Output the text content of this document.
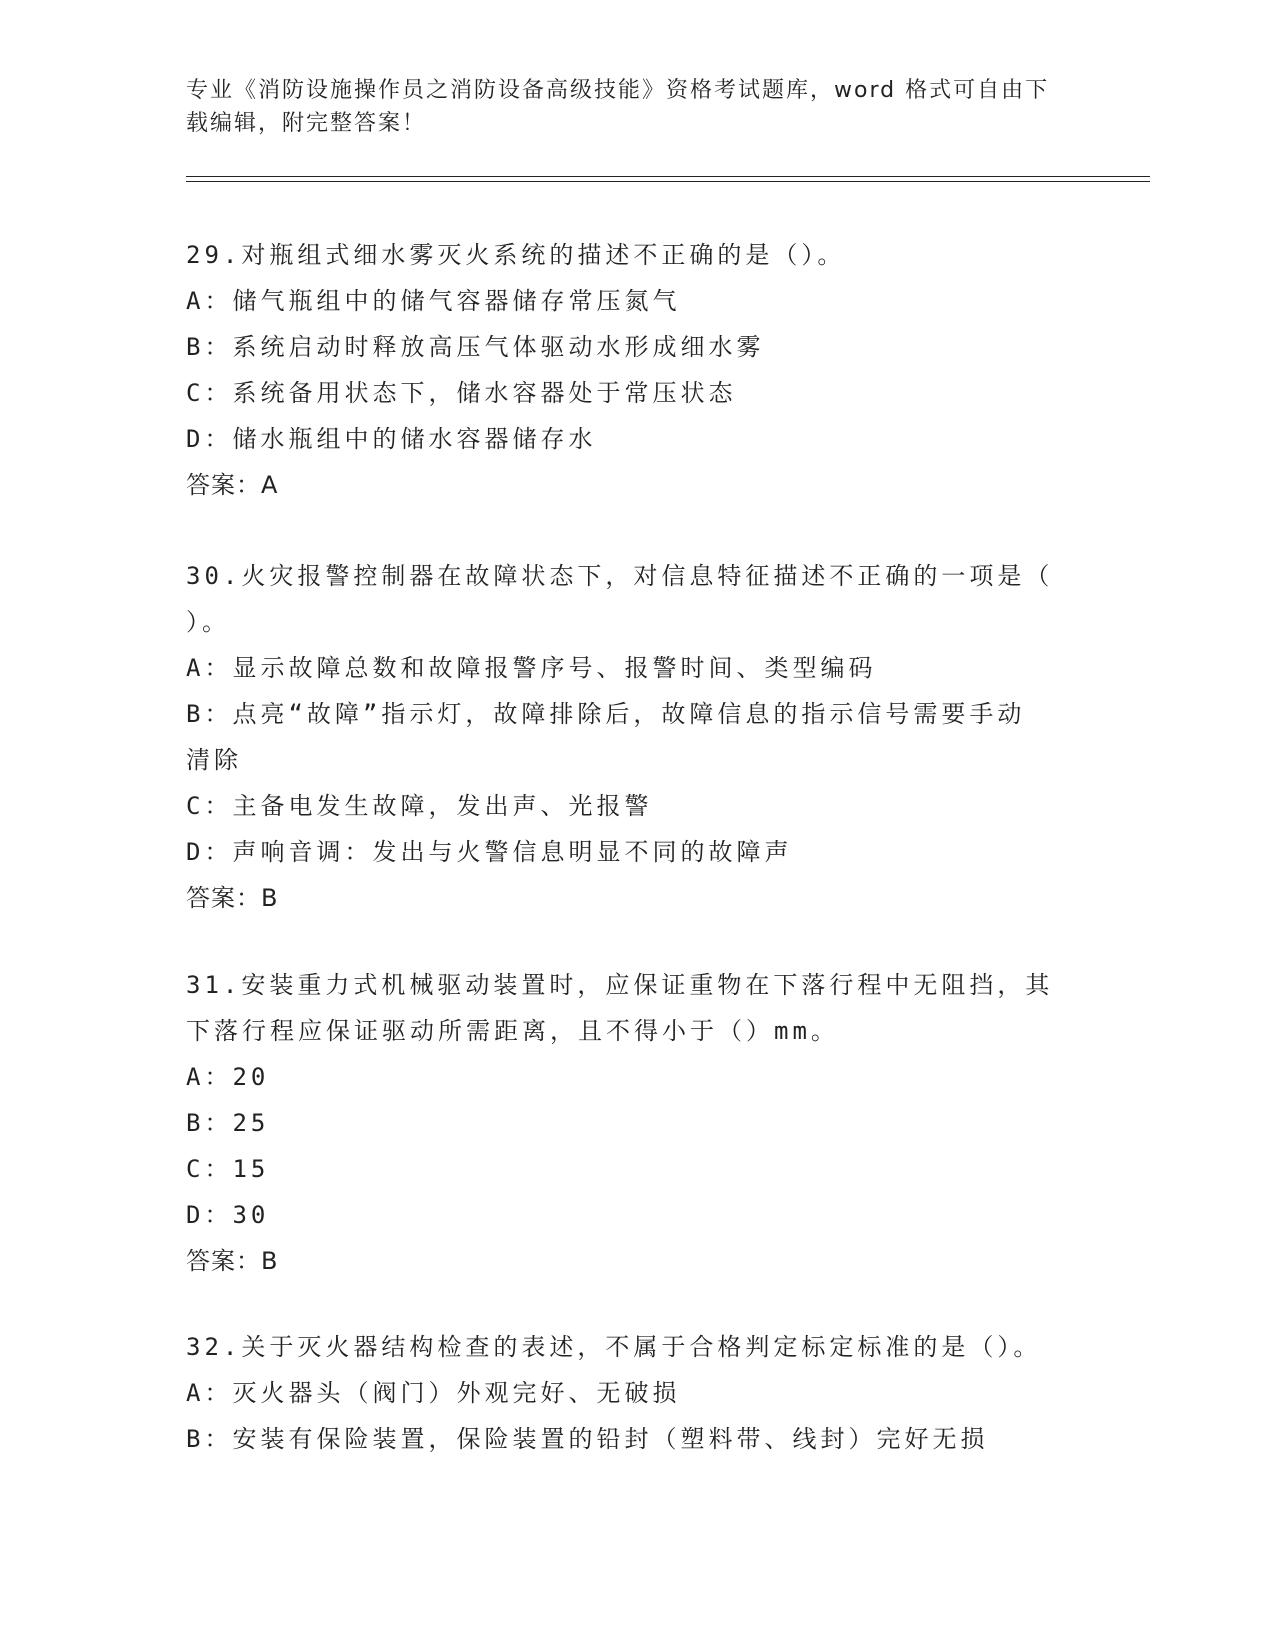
专业《消防设施操作员之消防设备高级技能》资格考试题库，word 格式可自由下
载编辑，附完整答案！
29.对瓶组式细水雾灭火系统的描述不正确的是（）。
A：储气瓶组中的储气容器储存常压氮气
B：系统启动时释放高压气体驱动水形成细水雾
C：系统备用状态下，储水容器处于常压状态
D：储水瓶组中的储水容器储存水
答案：A
30.火灾报警控制器在故障状态下，对信息特征描述不正确的一项是（
）。
A：显示故障总数和故障报警序号、报警时间、类型编码
B：点亮“故障”指示灯，故障排除后，故障信息的指示信号需要手动
清除
C：主备电发生故障，发出声、光报警
D：声响音调：发出与火警信息明显不同的故障声
答案：B
31.安装重力式机械驱动装置时，应保证重物在下落行程中无阻挡，其
下落行程应保证驱动所需距离，且不得小于（）mm。
A：20
B：25
C：15
D：30
答案：B
32.关于灭火器结构检查的表述，不属于合格判定标定标准的是（）。
A：灭火器头（阀门）外观完好、无破损
B：安装有保险装置，保险装置的铅封（塑料带、线封）完好无损
